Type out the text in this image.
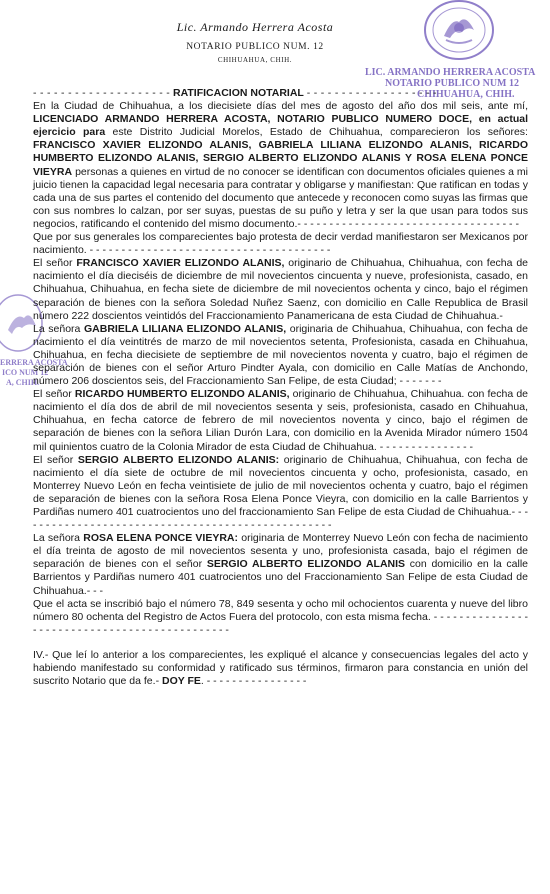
Lic. Armando Herrera Acosta
NOTARIO PUBLICO NUM. 12
CHIHUAHUA, CHIH.
LIC. ARMANDO HERRERA ACOSTA
NOTARIO PUBLICO NUM 12
CHIHUAHUA, CHIH.
ERRERA ACOSTA
ICO NUM 12
A, CHIH.

- - - - - - - - - - - - - - - - - - - - RATIFICACION NOTARIAL - - - - - - - - - - - - - - - - - - -

En la Ciudad de Chihuahua, a los diecisiete días del mes de agosto del año dos mil seis, ante mí, LICENCIADO ARMANDO HERRERA ACOSTA, NOTARIO PUBLICO NUMERO DOCE, en actual ejercicio para este Distrito Judicial Morelos, Estado de Chihuahua, comparecieron los señores: FRANCISCO XAVIER ELIZONDO ALANIS, GABRIELA LILIANA ELIZONDO ALANIS, RICARDO HUMBERTO ELIZONDO ALANIS, SERGIO ALBERTO ELIZONDO ALANIS Y ROSA ELENA PONCE VIEYRA personas a quienes en virtud de no conocer se identifican con documentos oficiales quienes a mi juicio tienen la capacidad legal necesaria para contratar y obligarse y manifiestan: Que ratifican en todas y cada una de sus partes el contenido del documento que antecede y reconocen como suyas las firmas que con sus nombres lo calzan, por ser suyas, puestas de su puño y letra y ser la que usan para todos sus negocios, ratificando el contenido del mismo documento.- - - - - - - - - - - - - - - - - - - - - - - - - - - - - - - - - - -

Que por sus generales los comparecientes bajo protesta de decir verdad manifiestaron ser Mexicanos por nacimiento. - - - - - - - - - - - - - - - - - - - - - - - - - - - - - - - - - - - - - -

El señor FRANCISCO XAVIER ELIZONDO ALANIS, originario de Chihuahua, Chihuahua, con fecha de nacimiento el día dieciséis de diciembre de mil novecientos cincuenta y nueve, profesionista, casado, en Chihuahua, Chihuahua, en fecha siete de diciembre de mil novecientos ochenta y cinco, bajo el régimen separación de bienes con la señora Soledad Nuñez Saenz, con domicilio en Calle Republica de Brasil número 222 doscientos veintidós del Fraccionamiento Panamericana de esta Ciudad de Chihuahua.-

La señora GABRIELA LILIANA ELIZONDO ALANIS, originaria de Chihuahua, Chihuahua, con fecha de nacimiento el día veintitrés de marzo de mil novecientos setenta, Profesionista, casada en Chihuahua, Chihuahua, en fecha diecisiete de septiembre de mil novecientos noventa y cuatro, bajo el régimen de separación de bienes con el señor Arturo Pindter Ayala, con domicilio en Calle Matías de Anchondo, número 206 doscientos seis, del Fraccionamiento San Felipe, de esta Ciudad; - - - - - - -

El señor RICARDO HUMBERTO ELIZONDO ALANIS, originario de Chihuahua, Chihuahua. con fecha de nacimiento el día dos de abril de mil novecientos sesenta y seis, profesionista, casado en Chihuahua, Chihuahua, en fecha catorce de febrero de mil novecientos noventa y cinco, bajo el régimen de separación de bienes con la señora Lilian Durón Lara, con domicilio en la Avenida Mirador número 1504 mil quinientos cuatro de la Colonia Mirador de esta Ciudad de Chihuahua. - - - - - - - - - - - - - - -

El señor SERGIO ALBERTO ELIZONDO ALANIS: originario de Chihuahua, Chihuahua, con fecha de nacimiento el día siete de octubre de mil novecientos cincuenta y ocho, profesionista, casado, en Monterrey Nuevo León en fecha veintisiete de julio de mil novecientos ochenta y cuatro, bajo el régimen de separación de bienes con la señora Rosa Elena Ponce Vieyra, con domicilio en la calle Barrientos y Pardiñas numero 401 cuatrocientos uno del fraccionamiento San Felipe de esta Ciudad de Chihuahua.- - - - - - - - - - - - - - - - - - - - - - - - - - - - - - - - - - - - - - - - - - - - - - - - - -

La señora ROSA ELENA PONCE VIEYRA: originaria de Monterrey Nuevo León con fecha de nacimiento el día treinta de agosto de mil novecientos sesenta y uno, profesionista casada, bajo el régimen de separación de bienes con el señor SERGIO ALBERTO ELIZONDO ALANIS con domicilio en la calle Barrientos y Pardiñas numero 401 cuatrocientos uno del Fraccionamiento San Felipe de esta Ciudad de Chihuahua.- - -

Que el acta se inscribió bajo el número 78, 849 sesenta y ocho mil ochocientos cuarenta y nueve del libro número 80 ochenta del Registro de Actos Fuera del protocolo, con esta misma fecha. - - - - - - - - - - - - - - - - - - - - - - - - - - - - - - - - - - - - - - - - - - - - - -

IV.- Que leí lo anterior a los comparecientes, les expliqué el alcance y consecuencias legales del acto y habiendo manifestado su conformidad y ratificado sus términos, firmaron para constancia en unión del suscrito Notario que da fe.- DOY FE. - - - - - - - - - - - - - - - -
